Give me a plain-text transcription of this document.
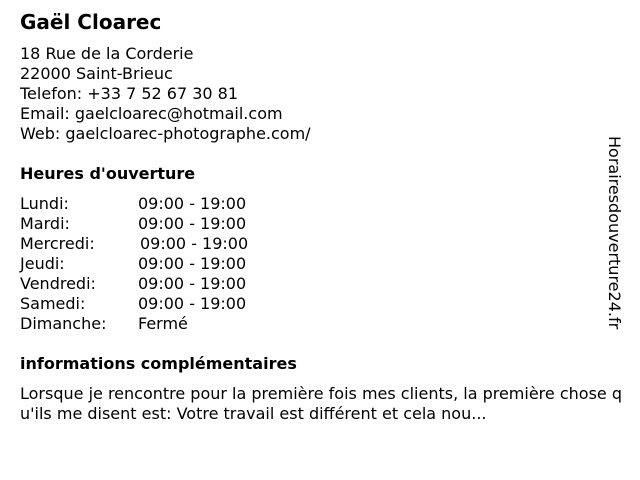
Gaël Cloarec
18 Rue de la Corderie
22000 Saint-Brieuc
Telefon: +33 7 52 67 30 81
Email: gaelcloarec@hotmail.com
Web: gaelcloarec-photographe.com/
Heures d'ouverture
Lundi:	09:00 - 19:00
Mardi:	09:00 - 19:00
Mercredi:	09:00 - 19:00
Jeudi:	09:00 - 19:00
Vendredi:	09:00 - 19:00
Samedi:	09:00 - 19:00
Dimanche: Fermé
informations complémentaires
Lorsque je rencontre pour la première fois mes clients, la première chose qu'ils me disent est: Votre travail est différent et cela nou...
Horairesdouverture24.fr
